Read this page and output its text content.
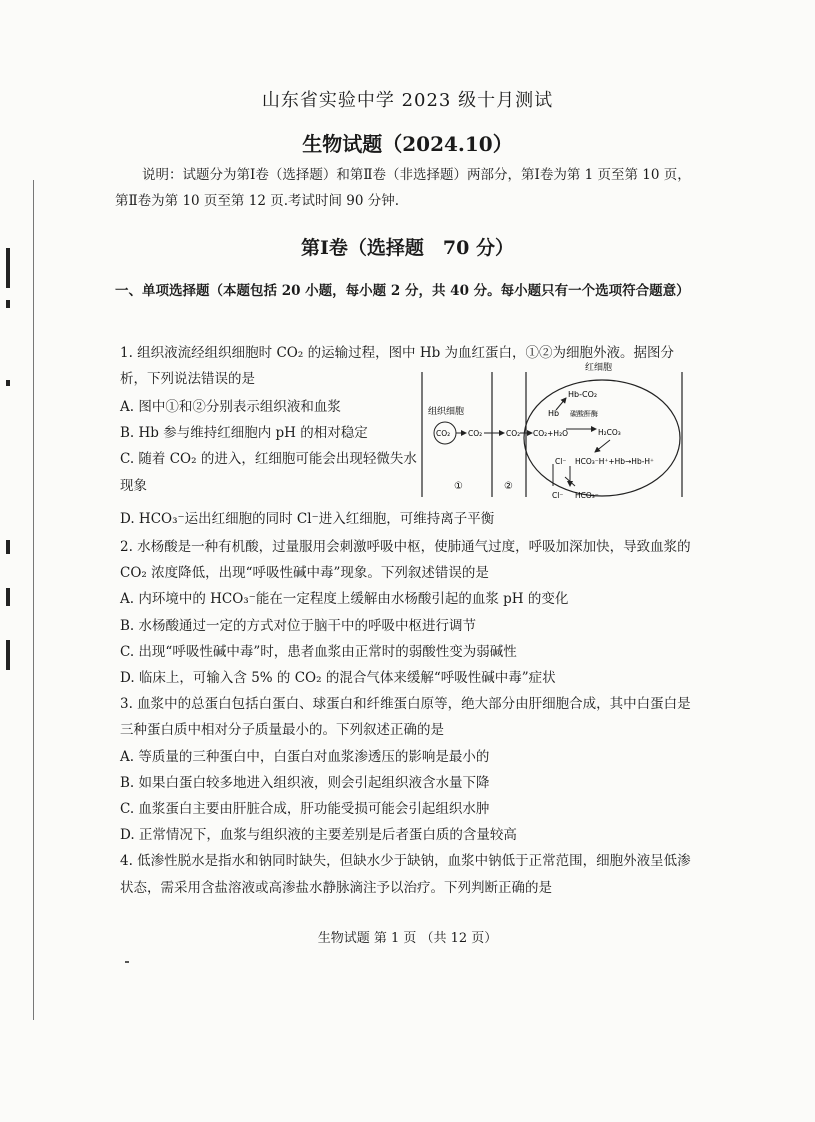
山东省实验中学 2023 级十月测试
生物试题（2024.10）
说明：试题分为第Ⅰ卷（选择题）和第Ⅱ卷（非选择题）两部分，第Ⅰ卷为第 1 页至第 10 页，第Ⅱ卷为第 10 页至第 12 页.考试时间 90 分钟.
第Ⅰ卷（选择题　70 分）
一、单项选择题（本题包括 20 小题，每小题 2 分，共 40 分。每小题只有一个选项符合题意）

1. 组织液流经组织细胞时 CO₂ 的运输过程，图中 Hb 为血红蛋白，①②为细胞外液。据图分析，下列说法错误的是

A. 图中①和②分别表示组织液和血浆

B. Hb 参与维持红细胞内 pH 的相对稳定

C. 随着 CO₂ 的进入，红细胞可能会出现轻微失水现象

D. HCO₃⁻运出红细胞的同时 Cl⁻进入红细胞，可维持离子平衡

红细胞
组织细胞
CO₂ CO₂	CO₂ CO₂+H₂O
Hb-CO₂
Hb 碳酸酐酶
H₂CO₃
Cl⁻ HCO₃⁻H⁺+Hb→Hb-H⁺
Cl⁻ HCO₃⁻
①	②

2. 水杨酸是一种有机酸，过量服用会刺激呼吸中枢，使肺通气过度，呼吸加深加快，导致血浆的 CO₂ 浓度降低，出现“呼吸性碱中毒”现象。下列叙述错误的是

A. 内环境中的 HCO₃⁻能在一定程度上缓解由水杨酸引起的血浆 pH 的变化

B. 水杨酸通过一定的方式对位于脑干中的呼吸中枢进行调节

C. 出现“呼吸性碱中毒”时，患者血浆由正常时的弱酸性变为弱碱性

D. 临床上，可输入含 5% 的 CO₂ 的混合气体来缓解“呼吸性碱中毒”症状

3. 血浆中的总蛋白包括白蛋白、球蛋白和纤维蛋白原等，绝大部分由肝细胞合成，其中白蛋白是三种蛋白质中相对分子质量最小的。下列叙述正确的是

A. 等质量的三种蛋白中，白蛋白对血浆渗透压的影响是最小的

B. 如果白蛋白较多地进入组织液，则会引起组织液含水量下降

C. 血浆蛋白主要由肝脏合成，肝功能受损可能会引起组织水肿

D. 正常情况下，血浆与组织液的主要差别是后者蛋白质的含量较高

4. 低渗性脱水是指水和钠同时缺失，但缺水少于缺钠，血浆中钠低于正常范围，细胞外液呈低渗状态，需采用含盐溶液或高渗盐水静脉滴注予以治疗。下列判断正确的是

生物试题 第 1 页 （共 12 页）
